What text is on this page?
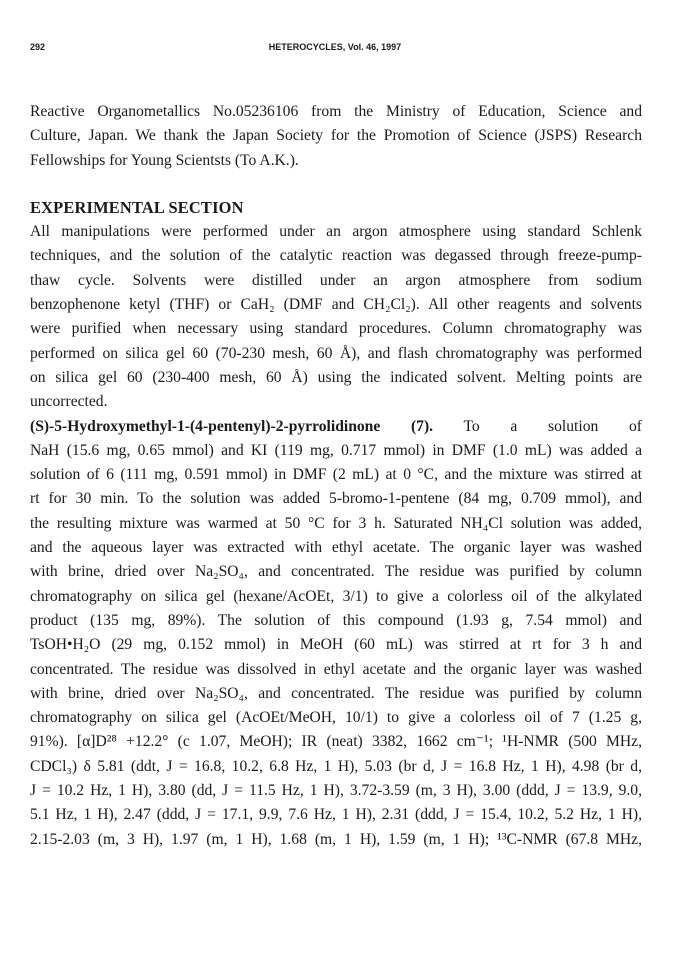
292	HETEROCYCLES, Vol. 46, 1997

Reactive Organometallics No.05236106 from the Ministry of Education, Science and

Culture, Japan. We thank the Japan Society for the Promotion of Science (JSPS) Research

Fellowships for Young Scientsts (To A.K.).

EXPERIMENTAL SECTION

All manipulations were performed under an argon atmosphere using standard Schlenk

techniques, and the solution of the catalytic reaction was degassed through freeze-pump-

thaw cycle. Solvents were distilled under an argon atmosphere from sodium

benzophenone ketyl (THF) or CaH₂ (DMF and CH₂Cl₂). All other reagents and solvents

were purified when necessary using standard procedures. Column chromatography was

performed on silica gel 60 (70-230 mesh, 60 Å), and flash chromatography was performed

on silica gel 60 (230-400 mesh, 60 Å) using the indicated solvent. Melting points are

uncorrected.

(S)-5-Hydroxymethyl-1-(4-pentenyl)-2-pyrrolidinone (7). To a solution of

NaH (15.6 mg, 0.65 mmol) and KI (119 mg, 0.717 mmol) in DMF (1.0 mL) was added a

solution of 6 (111 mg, 0.591 mmol) in DMF (2 mL) at 0 °C, and the mixture was stirred at

rt for 30 min. To the solution was added 5-bromo-1-pentene (84 mg, 0.709 mmol), and

the resulting mixture was warmed at 50 °C for 3 h. Saturated NH₄Cl solution was added,

and the aqueous layer was extracted with ethyl acetate. The organic layer was washed

with brine, dried over Na₂SO₄, and concentrated. The residue was purified by column

chromatography on silica gel (hexane/AcOEt, 3/1) to give a colorless oil of the alkylated

product (135 mg, 89%). The solution of this compound (1.93 g, 7.54 mmol) and

TsOH•H₂O (29 mg, 0.152 mmol) in MeOH (60 mL) was stirred at rt for 3 h and

concentrated. The residue was dissolved in ethyl acetate and the organic layer was washed

with brine, dried over Na₂SO₄, and concentrated. The residue was purified by column

chromatography on silica gel (AcOEt/MeOH, 10/1) to give a colorless oil of 7 (1.25 g,

91%). [α]D²⁸ +12.2° (c 1.07, MeOH); IR (neat) 3382, 1662 cm⁻¹; ¹H-NMR (500 MHz,

CDCl₃) δ 5.81 (ddt, J = 16.8, 10.2, 6.8 Hz, 1 H), 5.03 (br d, J = 16.8 Hz, 1 H), 4.98 (br d,

J = 10.2 Hz, 1 H), 3.80 (dd, J = 11.5 Hz, 1 H), 3.72-3.59 (m, 3 H), 3.00 (ddd, J = 13.9, 9.0,

5.1 Hz, 1 H), 2.47 (ddd, J = 17.1, 9.9, 7.6 Hz, 1 H), 2.31 (ddd, J = 15.4, 10.2, 5.2 Hz, 1 H),

2.15-2.03 (m, 3 H), 1.97 (m, 1 H), 1.68 (m, 1 H), 1.59 (m, 1 H); ¹³C-NMR (67.8 MHz,
